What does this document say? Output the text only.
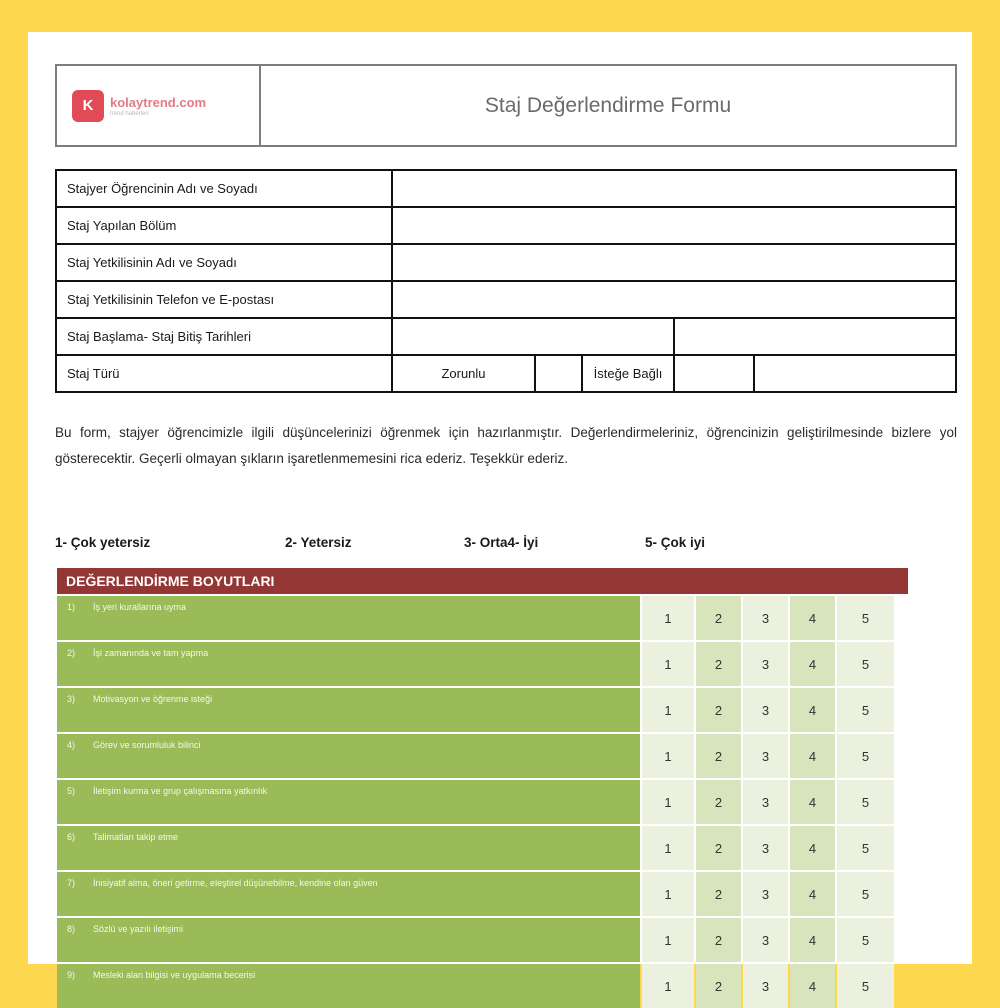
K	kolaytrend.com
trend haberleri	Staj Değerlendirme Formu
Stajyer Öğrencinin Adı ve Soyadı					
Staj Yapılan Bölüm					
Staj Yetkilisinin Adı ve Soyadı					
Staj Yetkilisinin Telefon ve E-postası					
Staj Başlama- Staj Bitiş Tarihleri					
Staj Türü	Zorunlu		İsteğe Bağlı		

Bu form, stajyer öğrencimizle ilgili düşüncelerinizi öğrenmek için hazırlanmıştır. Değerlendirmeleriniz, öğrencinizin geliştirilmesinde bizlere yol gösterecektir. Geçerli olmayan şıkların işaretlenmemesini rica ederiz. Teşekkür ederiz.

1- Çok yetersiz	2- Yetersiz	3- Orta4- İyi	5- Çok iyi
DEĞERLENDİRME BOYUTLARI
1) İş yeri kurallarına uyma
1	2	3	4	5
2) İşi zamanında ve tam yapma
1	2	3	4	5
3) Motivasyon ve öğrenme isteği
1	2	3	4	5
4) Görev ve sorumluluk bilinci
1	2	3	4	5
5) İletişim kurma ve grup çalışmasına yatkınlık
1	2	3	4	5
6) Talimatları takip etme
1	2	3	4	5
7) İnisiyatif alma, öneri getirme, eleştirel düşünebilme, kendine olan güven
1	2	3	4	5
8) Sözlü ve yazılı iletişimi
1	2	3	4	5
9) Mesleki alan bilgisi ve uygulama becerisi
1	2	3	4	5
